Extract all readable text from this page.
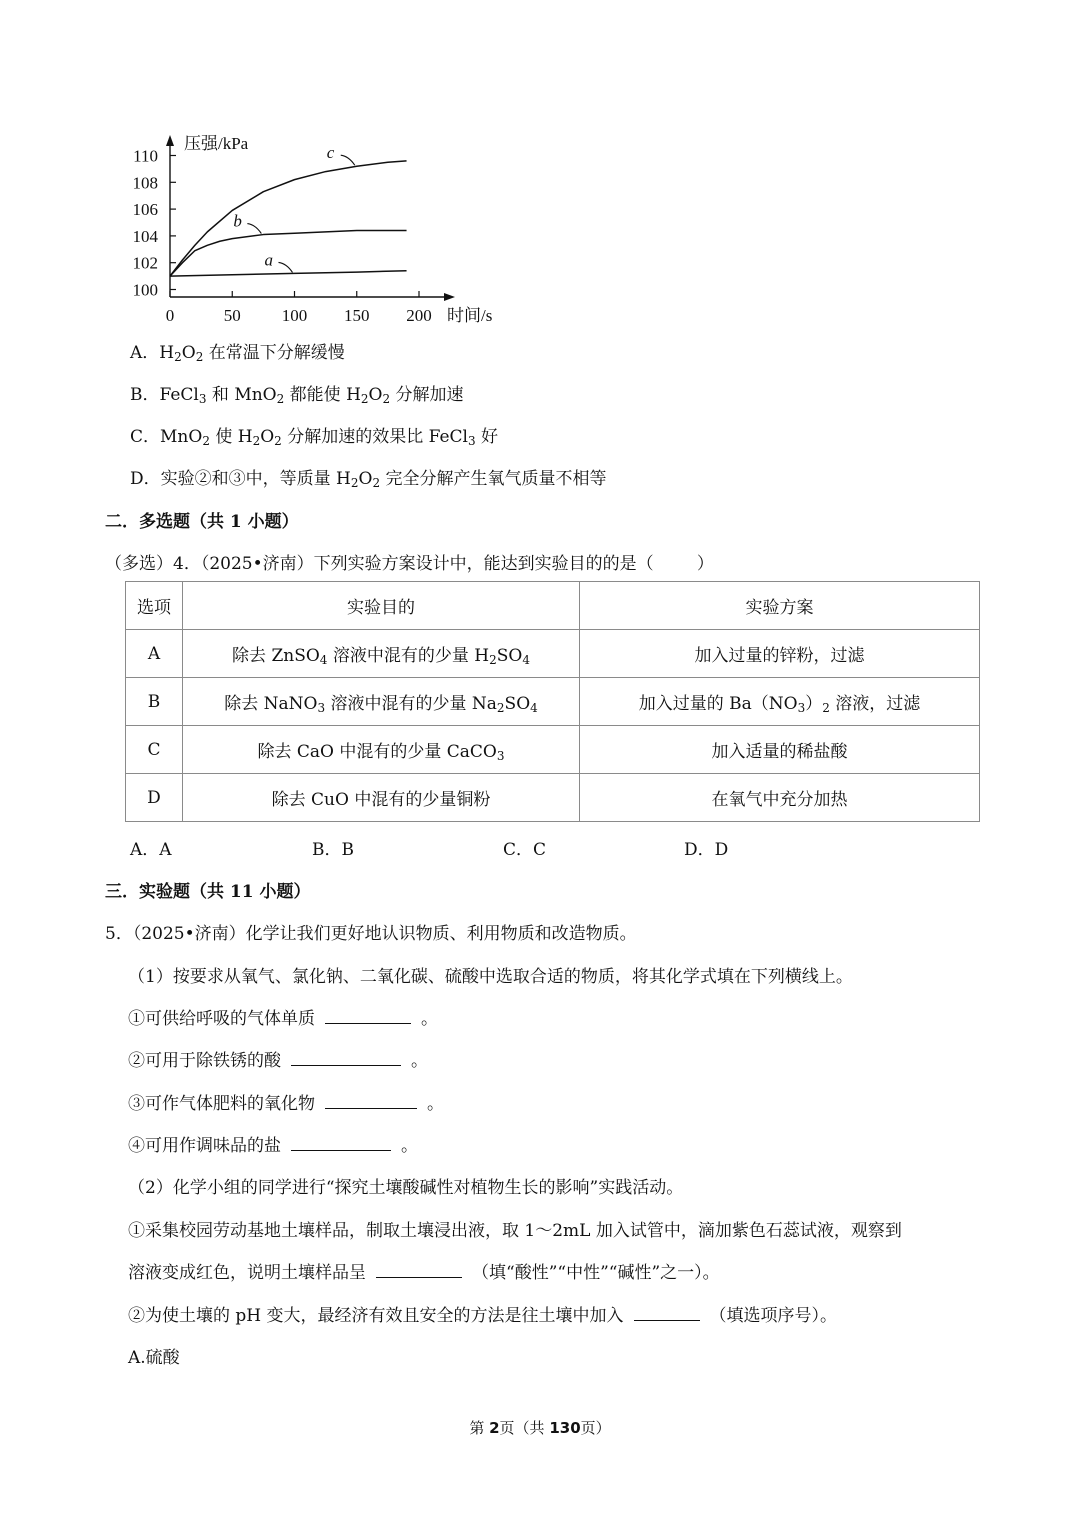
压强/kPa
时间/s
100
102
104
106
108
110
0	50 100 150 200
c
b
a
A．$H_2O_2$ 在常温下分解缓慢
B．FeCl$_3$ 和 MnO$_2$ 都能使 $H_2O_2$ 分解加速
C．MnO$_2$ 使 $H_2O_2$ 分解加速的效果比 FeCl$_3$ 好
D．实验②和③中，等质量 $H_2O_2$ 完全分解产生氧气质量不相等
二．多选题（共 1 小题）
（多选）4．（2025•济南）下列实验方案设计中，能达到实验目的的是（        ）
选项	实验目的	实验方案
A	除去 ZnSO$_4$ 溶液中混有的少量 $H_2SO_4$	加入过量的锌粉，过滤
B	除去 NaNO$_3$ 溶液中混有的少量 $Na_2SO_4$	加入过量的 $Ba(NO_3)_2$ 溶液，过滤
C	除去 CaO 中混有的少量 CaCO$_3$	加入适量的稀盐酸
D	除去 CuO 中混有的少量铜粉	在氧气中充分加热
A．A	B．B	C．C	D．D
三．实验题（共 11 小题）
5．（2025•济南）化学让我们更好地认识物质、利用物质和改造物质。
（1）按要求从氧气、氯化钠、二氧化碳、硫酸中选取合适的物质，将其化学式填在下列横线上。
①可供给呼吸的气体单质	。
②可用于除铁锈的酸	。
③可作气体肥料的氧化物	。
④可用作调味品的盐	。
（2）化学小组的同学进行“探究土壤酸碱性对植物生长的影响”实践活动。
①采集校园劳动基地土壤样品，制取土壤浸出液，取 1～2mL 加入试管中，滴加紫色石蕊试液，观察到
溶液变成红色，说明土壤样品呈	（填“酸性”“中性”“碱性”之一）。
②为使土壤的 pH 变大，最经济有效且安全的方法是往土壤中加入	（填选项序号）。
A.硫酸
第 2页（共 130页）
